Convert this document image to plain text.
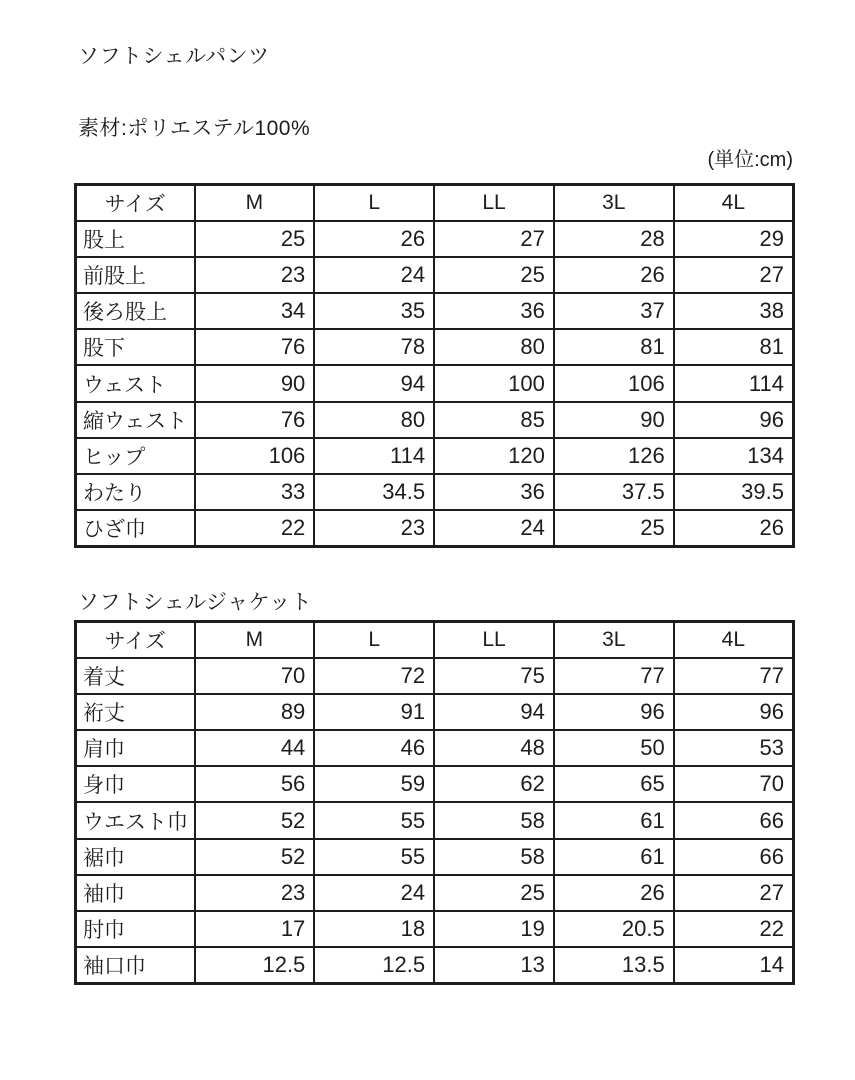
ソフトシェルパンツ
素材:ポリエステル100%
(単位:cm)
サイズ	M	L	LL	3L	4L
股上	25	26	27	28	29
前股上	23	24	25	26	27
後ろ股上	34	35	36	37	38
股下	76	78	80	81	81
ウェスト	90	94	100	106	114
縮ウェスト	76	80	85	90	96
ヒップ	106	114	120	126	134
わたり	33	34.5	36	37.5	39.5
ひざ巾	22	23	24	25	26
ソフトシェルジャケット
サイズ	M	L	LL	3L	4L
着丈	70	72	75	77	77
裄丈	89	91	94	96	96
肩巾	44	46	48	50	53
身巾	56	59	62	65	70
ウエスト巾	52	55	58	61	66
裾巾	52	55	58	61	66
袖巾	23	24	25	26	27
肘巾	17	18	19	20.5	22
袖口巾	12.5	12.5	13	13.5	14
